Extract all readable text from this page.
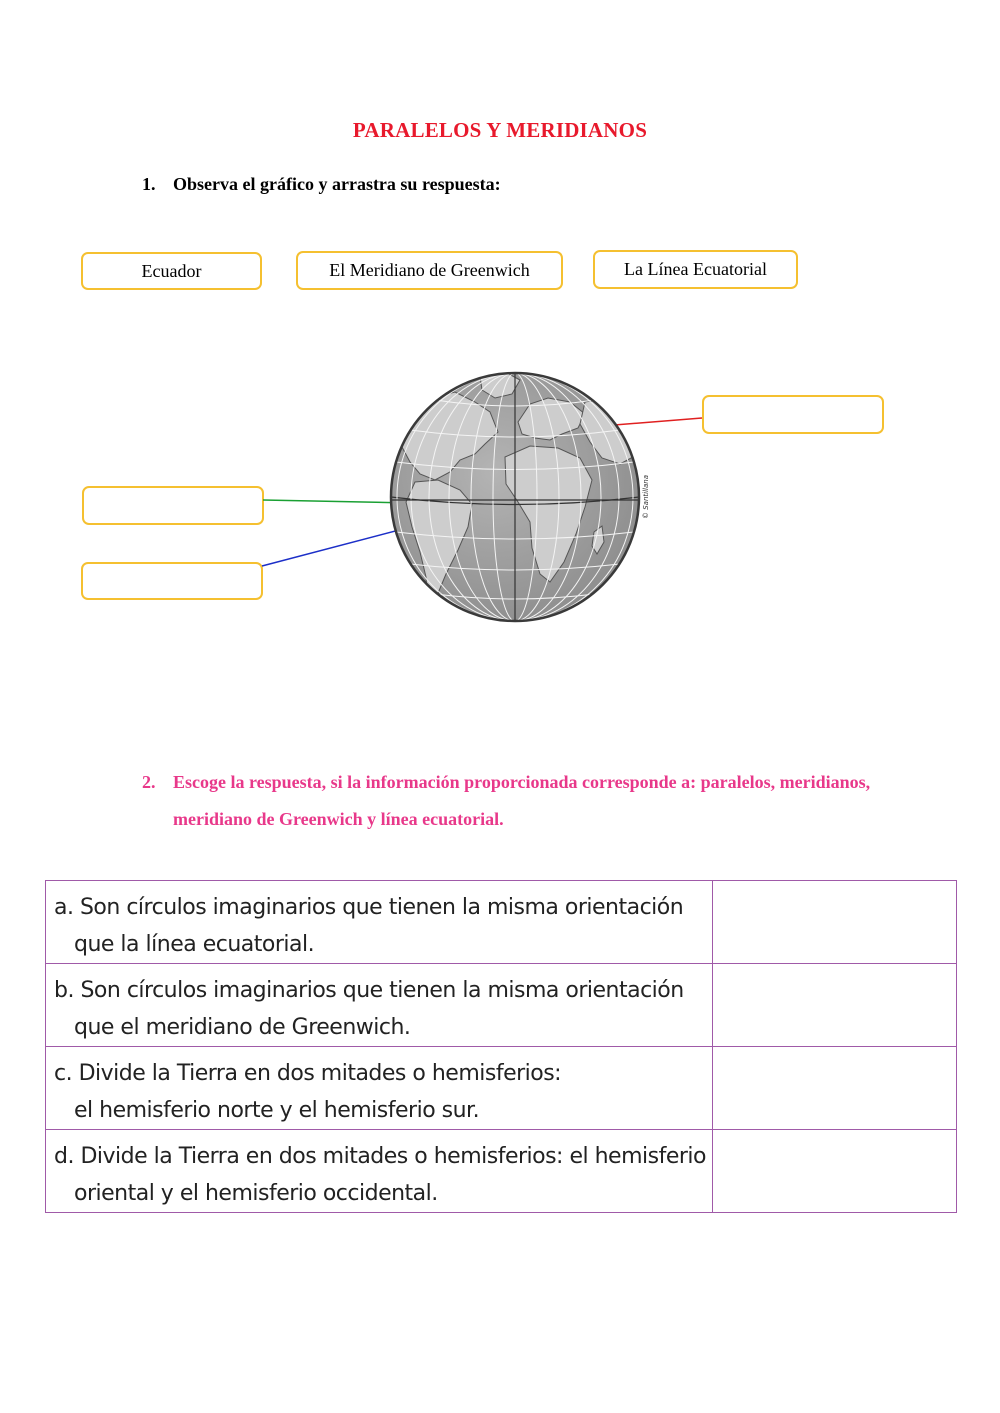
PARALELOS Y MERIDIANOS
1. Observa el gráfico y arrastra su respuesta:
Ecuador	El Meridiano de Greenwich	La Línea Ecuatorial
© Santillana
2. Escoge la respuesta, si la información proporcionada corresponde a: paralelos, meridianos, meridiano de Greenwich y línea ecuatorial.
a. Son círculos imaginarios que tienen la misma orientación
que la línea ecuatorial.	

b. Son círculos imaginarios que tienen la misma orientación
que el meridiano de Greenwich.	

c. Divide la Tierra en dos mitades o hemisferios:
el hemisferio norte y el hemisferio sur.	

d. Divide la Tierra en dos mitades o hemisferios: el hemisferio
oriental y el hemisferio occidental.	
